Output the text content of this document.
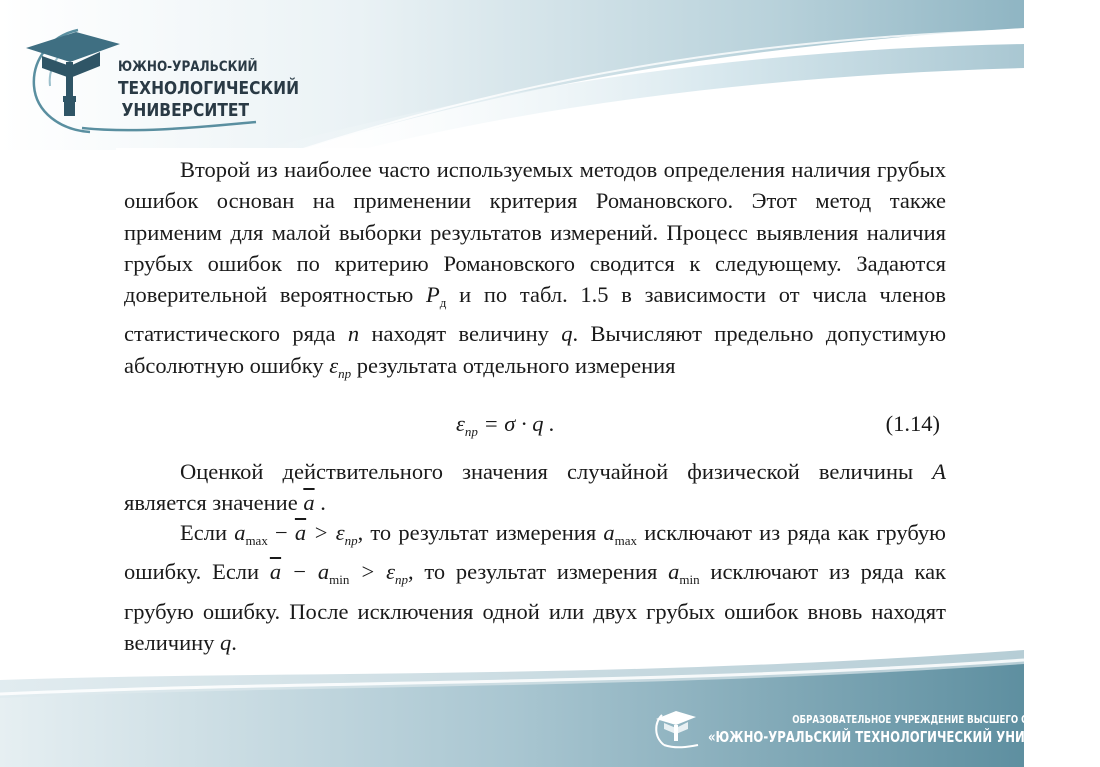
ЮЖНО-УРАЛЬСКИЙ
ТЕХНОЛОГИЧЕСКИЙ
УНИВЕРСИТЕТ
Второй из наиболее часто используемых методов определения наличия грубых ошибок основан на применении критерия Романовского. Этот метод также применим для малой выборки результатов измерений. Процесс выявления наличия грубых ошибок по критерию Романовского сводится к следующему. Задаются доверительной вероятностью $P_д$ и по табл. 1.5 в зависимости от числа членов статистического ряда n находят величину q. Вычисляют предельно допустимую абсолютную ошибку $\varepsilon_{пр}$ результата отдельного измерения
$\varepsilon_{пр} = \sigma \cdot q$ .	(1.14)
Оценкой действительного значения случайной физической величины A является значение $\overline{a}$ .
Если $a_{max} - \overline{a} > \varepsilon_{пр}$, то результат измерения $a_{max}$ исключают из ряда как грубую ошибку. Если $\overline{a} - a_{min} > \varepsilon_{пр}$, то результат измерения $a_{min}$ исключают из ряда как грубую ошибку. После исключения одной или двух грубых ошибок вновь находят величину q.
ОБРАЗОВАТЕЛЬНОЕ УЧРЕЖДЕНИЕ ВЫСШЕГО ОБРАЗОВАНИЯ
«ЮЖНО-УРАЛЬСКИЙ ТЕХНОЛОГИЧЕСКИЙ УНИВЕРСИТЕТ»
